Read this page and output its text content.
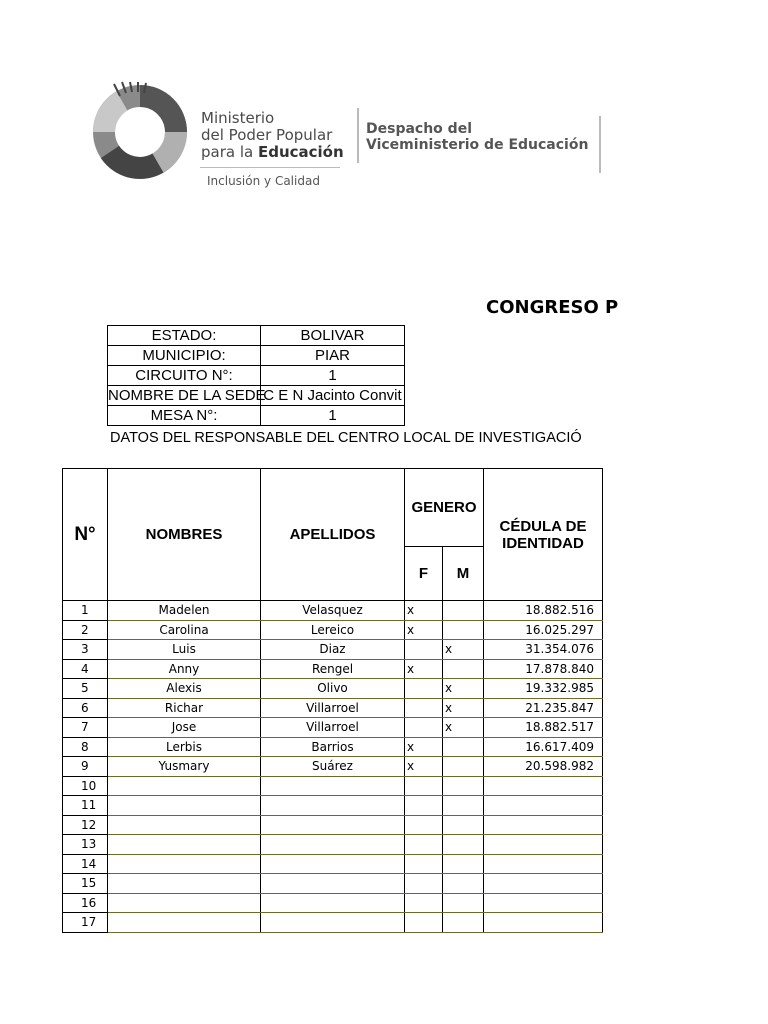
Ministerio
del Poder Popular
para la Educación
Inclusión y Calidad
Despacho del
Viceministerio de Educación
CONGRESO P
ESTADO:	BOLIVAR
MUNICIPIO:	PIAR
CIRCUITO N°:	1
NOMBRE DE LA SEDE	C E N Jacinto Convit
MESA N°:	1
DATOS DEL RESPONSABLE DEL CENTRO LOCAL DE INVESTIGACIÓ
N°	NOMBRES	APELLIDOS	GENERO		CÉDULA DE IDENTIDAD
			F	M	
1	Madelen	Velasquez	x		18.882.516
2	Carolina	Lereico	x		16.025.297
3	Luis	Diaz		x	31.354.076
4	Anny	Rengel	x		17.878.840
5	Alexis	Olivo		x	19.332.985
6	Richar	Villarroel		x	21.235.847
7	Jose	Villarroel		x	18.882.517
8	Lerbis	Barrios	x		16.617.409
9	Yusmary	Suárez	x		20.598.982
10					
11					
12					
13					
14					
15					
16					
17					
